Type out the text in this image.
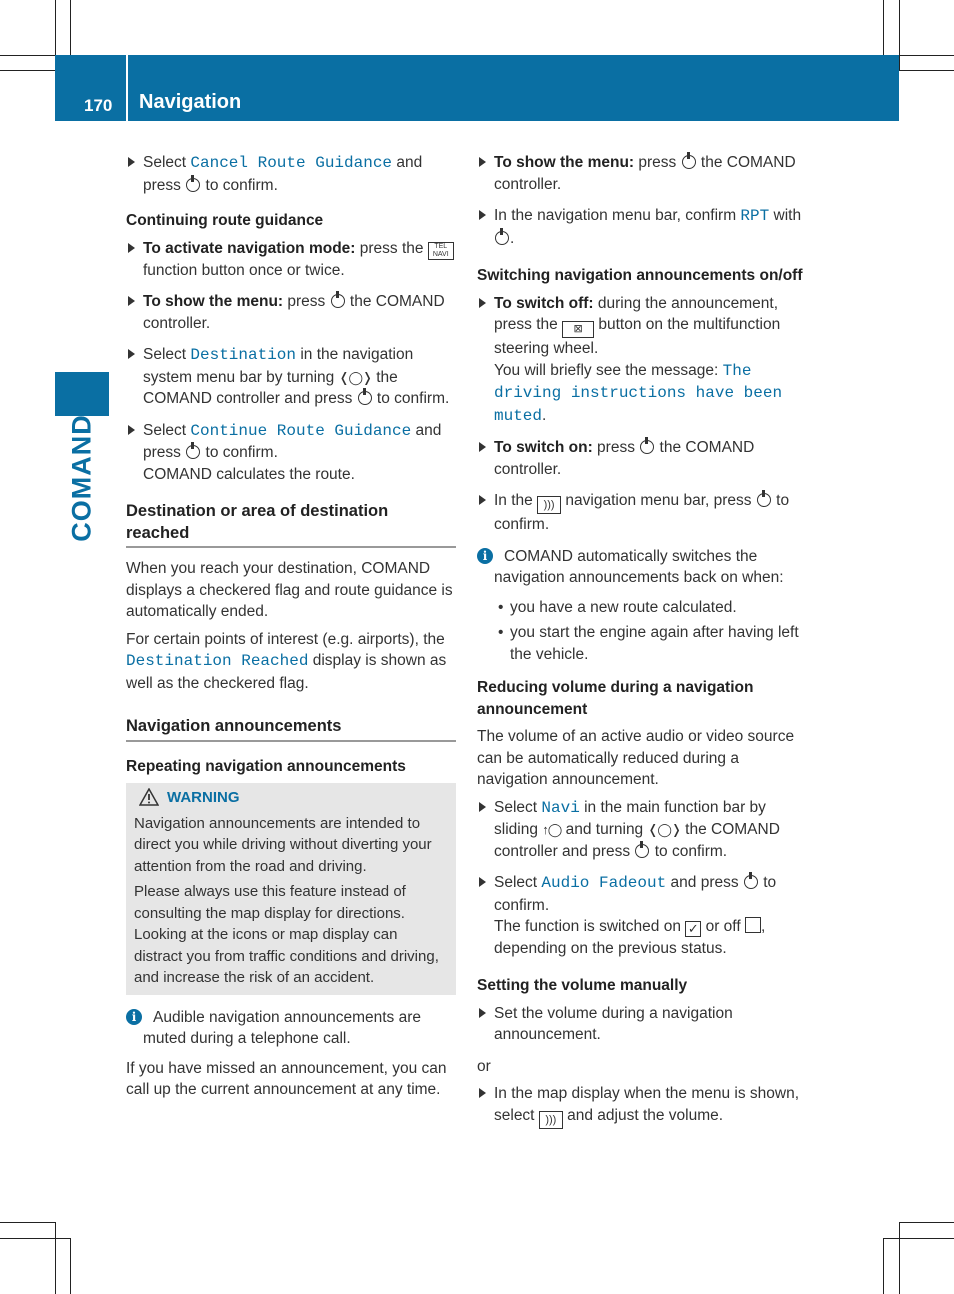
170 Navigation
COMAND
Select Cancel Route Guidance and press  to confirm.
Continuing route guidance
To activate navigation mode: press the TEL
NAVI function button once or twice.
To show the menu: press  the COMAND controller.
Select Destination in the navigation system menu bar by turning ❬◯❭ the COMAND controller and press  to confirm.
Select Continue Route Guidance and press  to confirm.
COMAND calculates the route.
Destination or area of destination reached
When you reach your destination, COMAND displays a checkered flag and route guidance is automatically ended.
For certain points of interest (e.g. airports), the Destination Reached display is shown as well as the checkered flag.
Navigation announcements
Repeating navigation announcements
WARNING
Navigation announcements are intended to direct you while driving without diverting your attention from the road and driving.
Please always use this feature instead of consulting the map display for directions. Looking at the icons or map display can distract you from traffic conditions and driving, and increase the risk of an accident.
i	Audible navigation announcements are muted during a telephone call.
If you have missed an announcement, you can call up the current announcement at any time.
To show the menu: press  the COMAND controller.
In the navigation menu bar, confirm RPT with .
Switching navigation announcements on/off
To switch off: during the announcement, press the ⊠ button on the multifunction steering wheel.
You will briefly see the message: The driving instructions have been muted.
To switch on: press  the COMAND controller.
In the ))) navigation menu bar, press  to confirm.
i	COMAND automatically switches the navigation announcements back on when:
• you have a new route calculated.
• you start the engine again after having left the vehicle.
Reducing volume during a navigation announcement
The volume of an active audio or video source can be automatically reduced during a navigation announcement.
Select Navi in the main function bar by sliding ↑◯ and turning ❬◯❭ the COMAND controller and press  to confirm.
Select Audio Fadeout and press  to confirm.
The function is switched on ✓ or off , depending on the previous status.
Setting the volume manually
Set the volume during a navigation announcement.
or
In the map display when the menu is shown, select ))) and adjust the volume.
